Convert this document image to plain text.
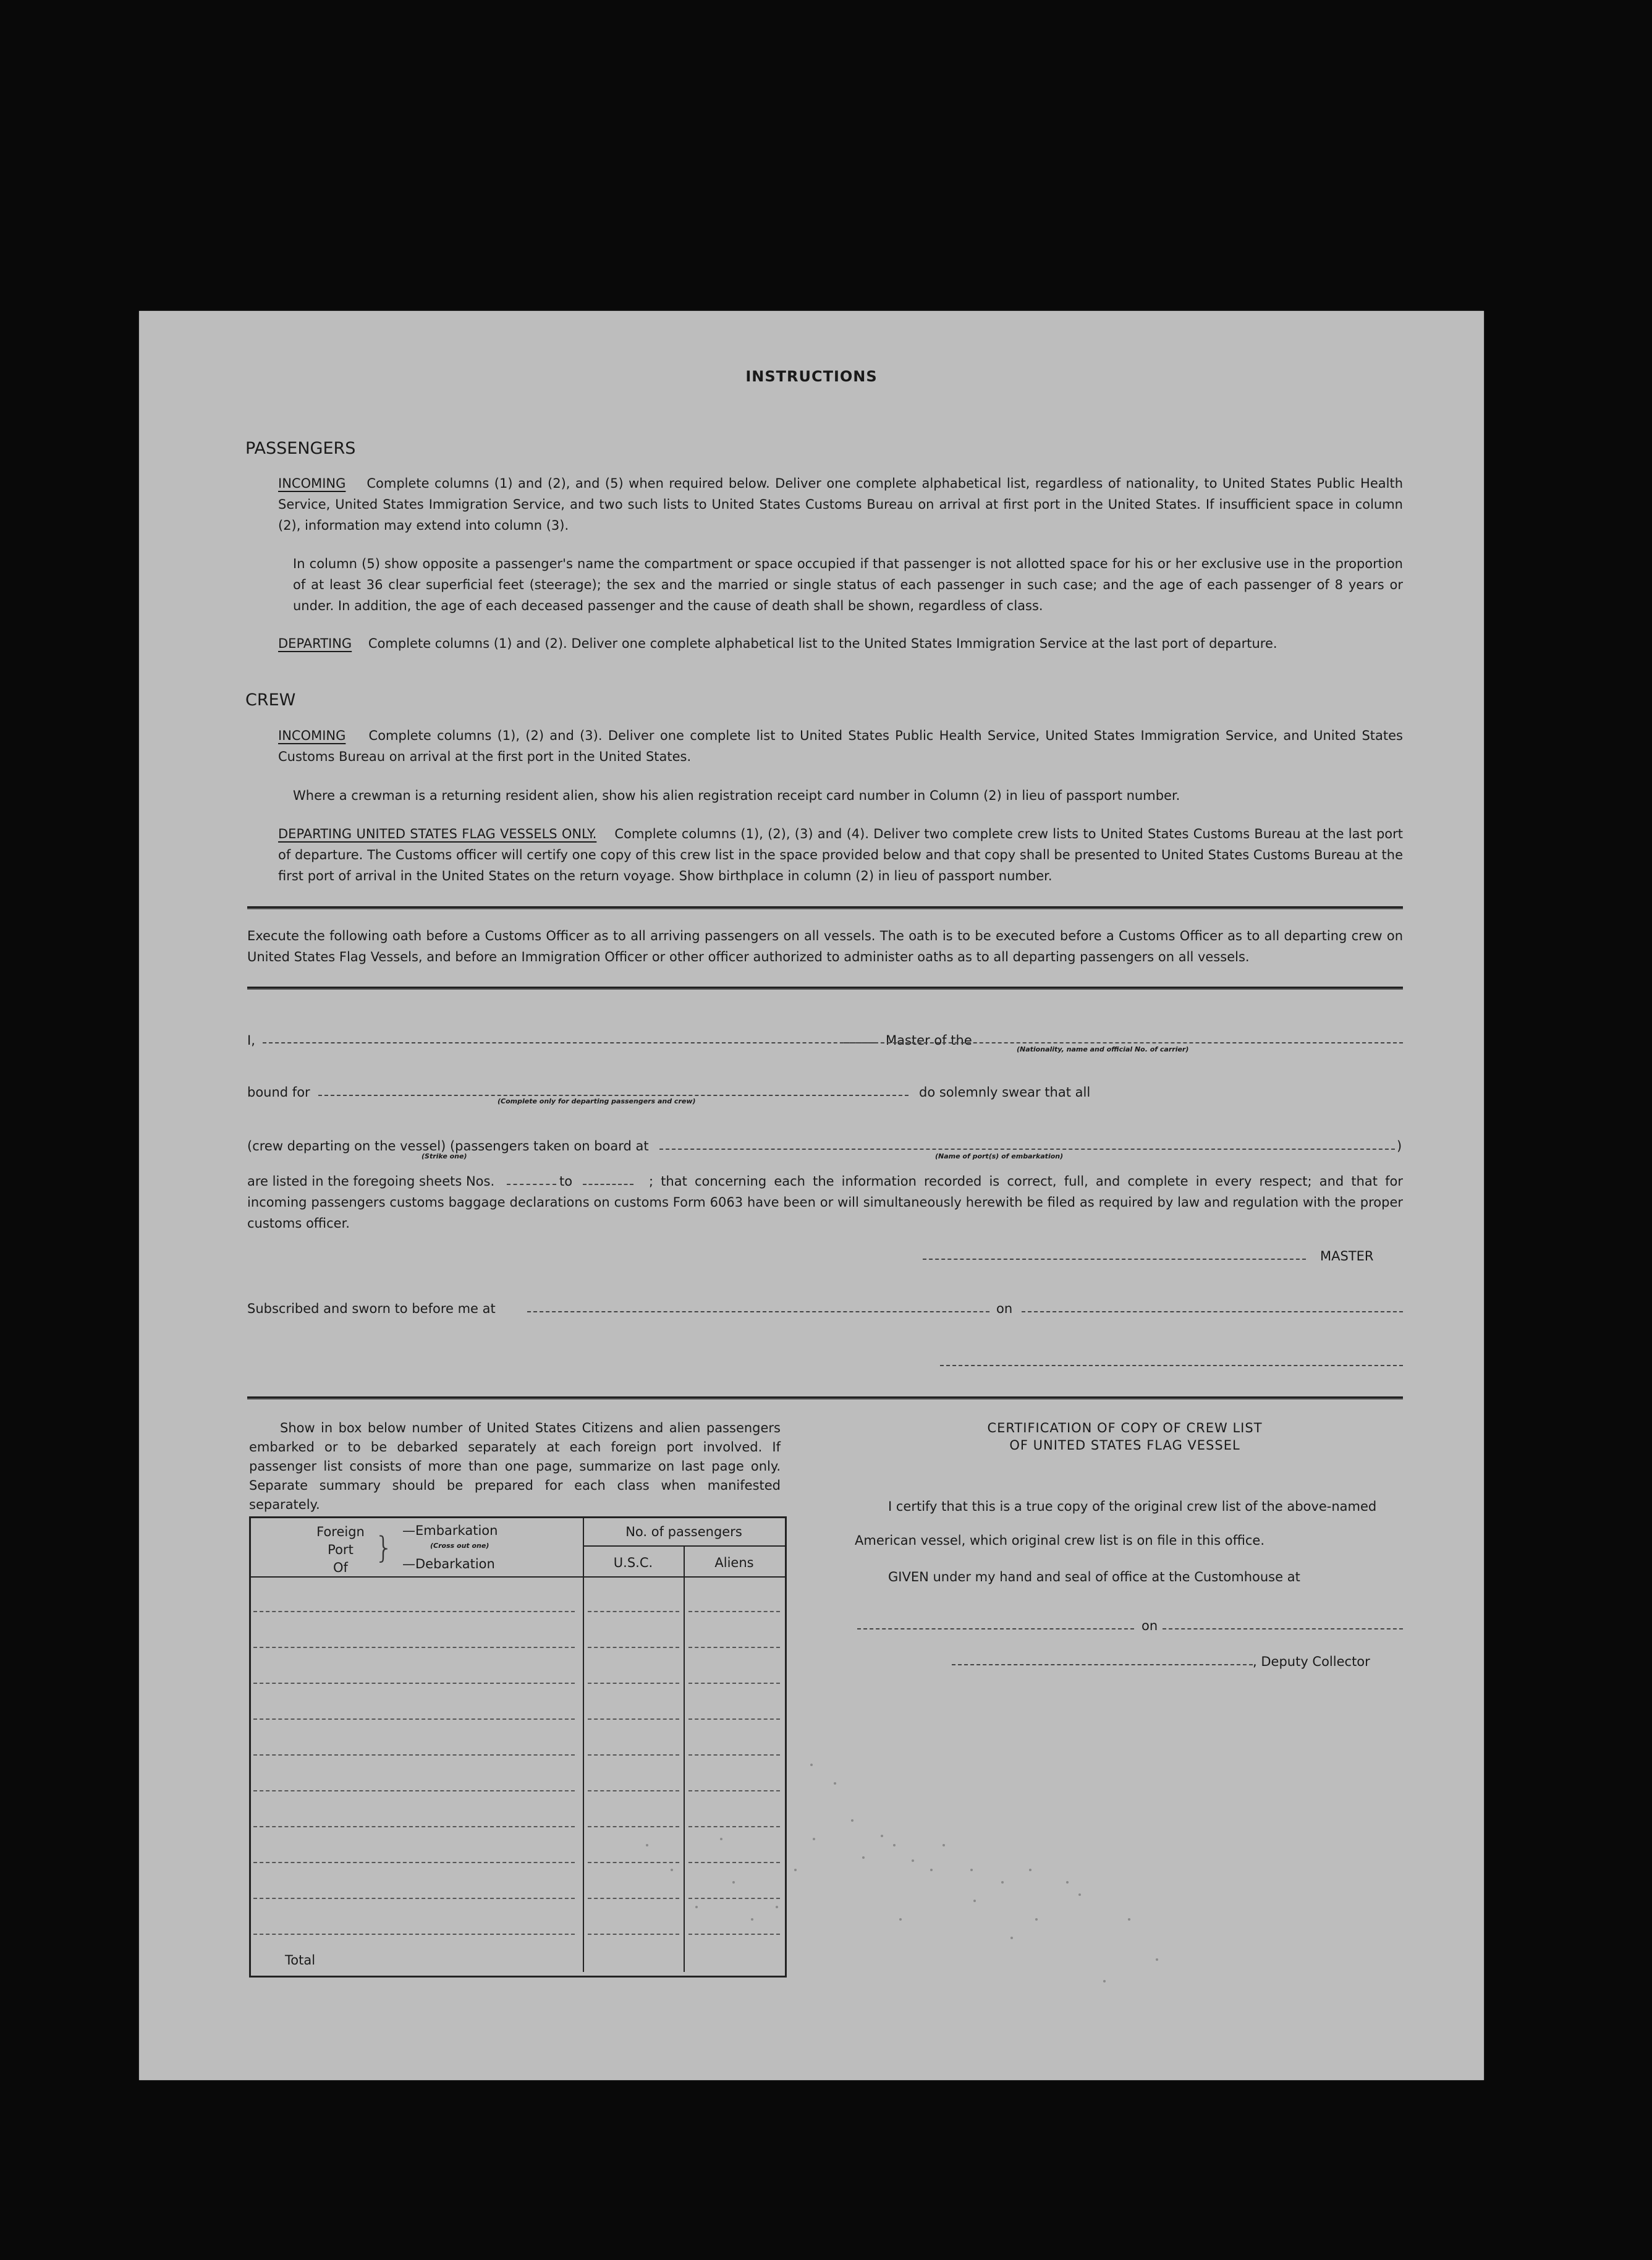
INSTRUCTIONS
PASSENGERS
INCOMING Complete columns (1) and (2), and (5) when required below. Deliver one complete alphabetical list, regardless of nationality, to United States Public Health Service, United States Immigration Service, and two such lists to United States Customs Bureau on arrival at first port in the United States. If insufficient space in column (2), information may extend into column (3).
In column (5) show opposite a passenger's name the compartment or space occupied if that passenger is not allotted space for his or her exclusive use in the proportion of at least 36 clear superficial feet (steerage); the sex and the married or single status of each passenger in such case; and the age of each passenger of 8 years or under. In addition, the age of each deceased passenger and the cause of death shall be shown, regardless of class.
DEPARTING Complete columns (1) and (2). Deliver one complete alphabetical list to the United States Immigration Service at the last port of departure.
CREW
INCOMING Complete columns (1), (2) and (3). Deliver one complete list to United States Public Health Service, United States Immigration Service, and United States Customs Bureau on arrival at the first port in the United States.
Where a crewman is a returning resident alien, show his alien registration receipt card number in Column (2) in lieu of passport number.
DEPARTING UNITED STATES FLAG VESSELS ONLY. Complete columns (1), (2), (3) and (4). Deliver two complete crew lists to United States Customs Bureau at the last port of departure. The Customs officer will certify one copy of this crew list in the space provided below and that copy shall be presented to United States Customs Bureau at the first port of arrival in the United States on the return voyage. Show birthplace in column (2) in lieu of passport number.
Execute the following oath before a Customs Officer as to all arriving passengers on all vessels. The oath is to be executed before a Customs Officer as to all departing crew on United States Flag Vessels, and before an Immigration Officer or other officer authorized to administer oaths as to all departing passengers on all vessels.
I,	Master of the
(Nationality, name and official No. of carrier)
bound for
(Complete only for departing passengers and crew)
do solemnly swear that all
(crew departing on the vessel) (passengers taken on board at	)
(Strike one)	(Name of port(s) of embarkation)
are listed in the foregoing sheets Nos.	to	; that concerning each the information recorded is correct, full, and complete in every respect; and that for incoming passengers customs baggage declarations on customs Form 6063 have been or will simultaneously herewith be filed as required by law and regulation with the proper customs officer.
MASTER
Subscribed and sworn to before me at	on
Show in box below number of United States Citizens and alien passengers embarked or to be debarked separately at each foreign port involved. If passenger list consists of more than one page, summarize on last page only. Separate summary should be prepared for each class when manifested separately.
Foreign
Port
Of
} —Embarkation
(Cross out one)
—Debarkation
No. of passengers
U.S.C.	Aliens
Total
CERTIFICATION OF COPY OF CREW LIST
OF UNITED STATES FLAG VESSEL
I certify that this is a true copy of the original crew list of the above-named
American vessel, which original crew list is on file in this office.
GIVEN under my hand and seal of office at the Customhouse at
on
, Deputy Collector
